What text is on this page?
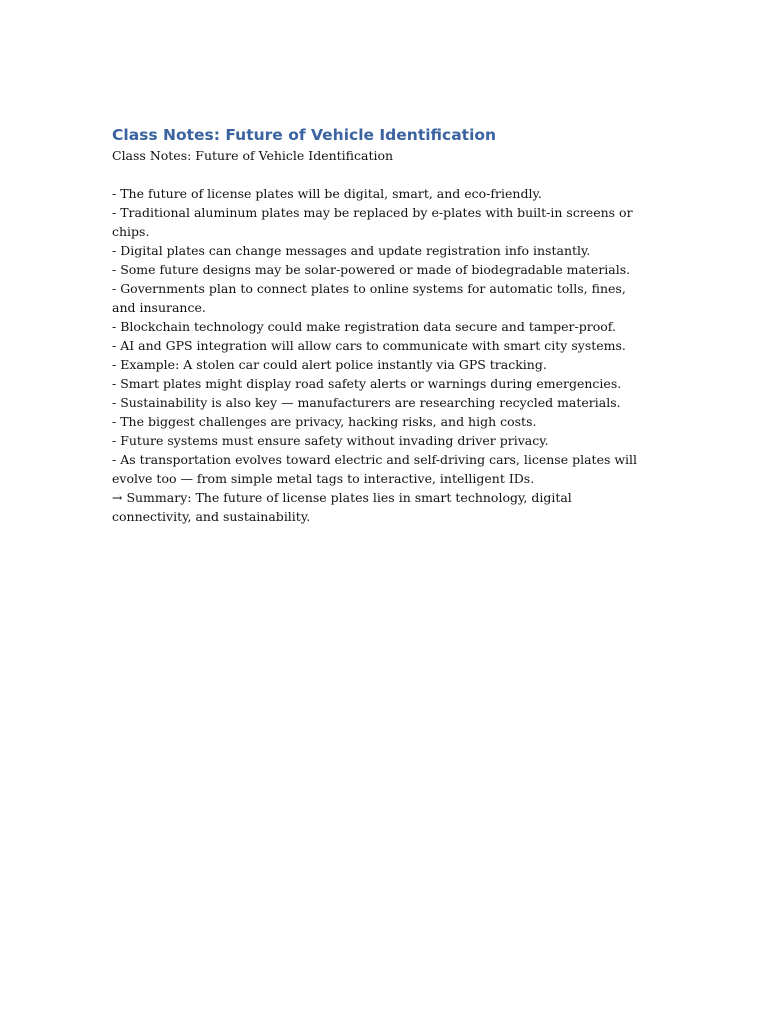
Class Notes: Future of Vehicle Identification

Class Notes: Future of Vehicle Identification

- The future of license plates will be digital, smart, and eco-friendly.
- Traditional aluminum plates may be replaced by e-plates with built-in screens or chips.
- Digital plates can change messages and update registration info instantly.
- Some future designs may be solar-powered or made of biodegradable materials.
- Governments plan to connect plates to online systems for automatic tolls, fines, and insurance.
- Blockchain technology could make registration data secure and tamper-proof.
- AI and GPS integration will allow cars to communicate with smart city systems.
- Example: A stolen car could alert police instantly via GPS tracking.
- Smart plates might display road safety alerts or warnings during emergencies.
- Sustainability is also key — manufacturers are researching recycled materials.
- The biggest challenges are privacy, hacking risks, and high costs.
- Future systems must ensure safety without invading driver privacy.
- As transportation evolves toward electric and self-driving cars, license plates will evolve too — from simple metal tags to interactive, intelligent IDs.
→ Summary: The future of license plates lies in smart technology, digital connectivity, and sustainability.
